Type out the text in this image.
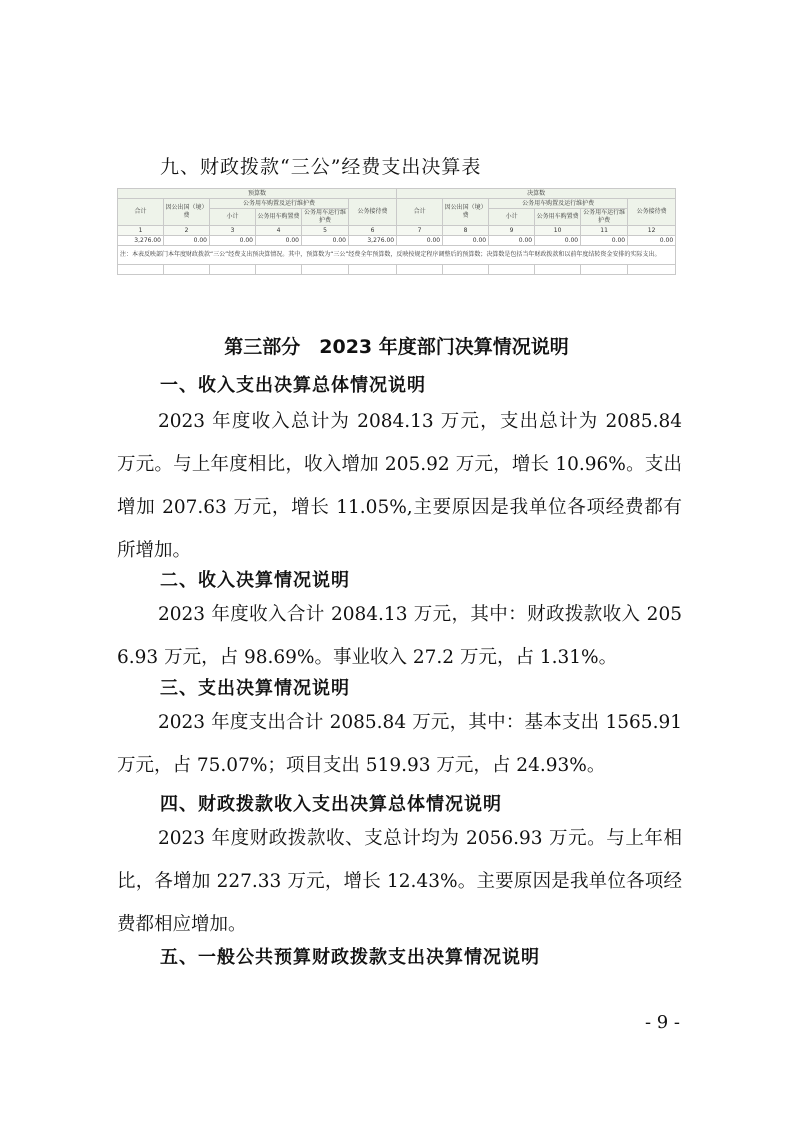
九、财政拨款“三公”经费支出决算表
预算数						决算数					
合计	因公出国（境）费	公务用车购置及运行维护费			公务接待费	合计	因公出国（境）费	公务用车购置及运行维护费			公务接待费
		小计	公务用车购置费	公务用车运行维护费				小计	公务用车购置费	公务用车运行维护费	
1	2	3	4	5	6	7	8	9	10	11	12
3,276.00	0.00	0.00	0.00	0.00	3,276.00	0.00	0.00	0.00	0.00	0.00	0.00
注：本表反映部门本年度财政拨款“三公”经费支出预决算情况。其中，预算数为“三公”经费全年预算数，反映按规定程序调整后的预算数；决算数是包括当年财政拨款和以前年度结转资金安排的实际支出。											

第三部分　2023 年度部门决算情况说明
一、收入支出决算总体情况说明
2023 年度收入总计为 2084.13 万元，支出总计为 2085.84 万元。与上年度相比，收入增加 205.92 万元，增长 10.96%。支出增加 207.63 万元，增长 11.05%,主要原因是我单位各项经费都有所增加。
二、收入决算情况说明
2023 年度收入合计 2084.13 万元，其中：财政拨款收入 2056.93 万元，占 98.69%。事业收入 27.2 万元，占 1.31%。
三、支出决算情况说明
2023 年度支出合计 2085.84 万元，其中：基本支出 1565.91 万元，占 75.07%；项目支出 519.93 万元，占 24.93%。
四、财政拨款收入支出决算总体情况说明
2023 年度财政拨款收、支总计均为 2056.93 万元。与上年相比，各增加 227.33 万元，增长 12.43%。主要原因是我单位各项经费都相应增加。
五、一般公共预算财政拨款支出决算情况说明
- 9 -
